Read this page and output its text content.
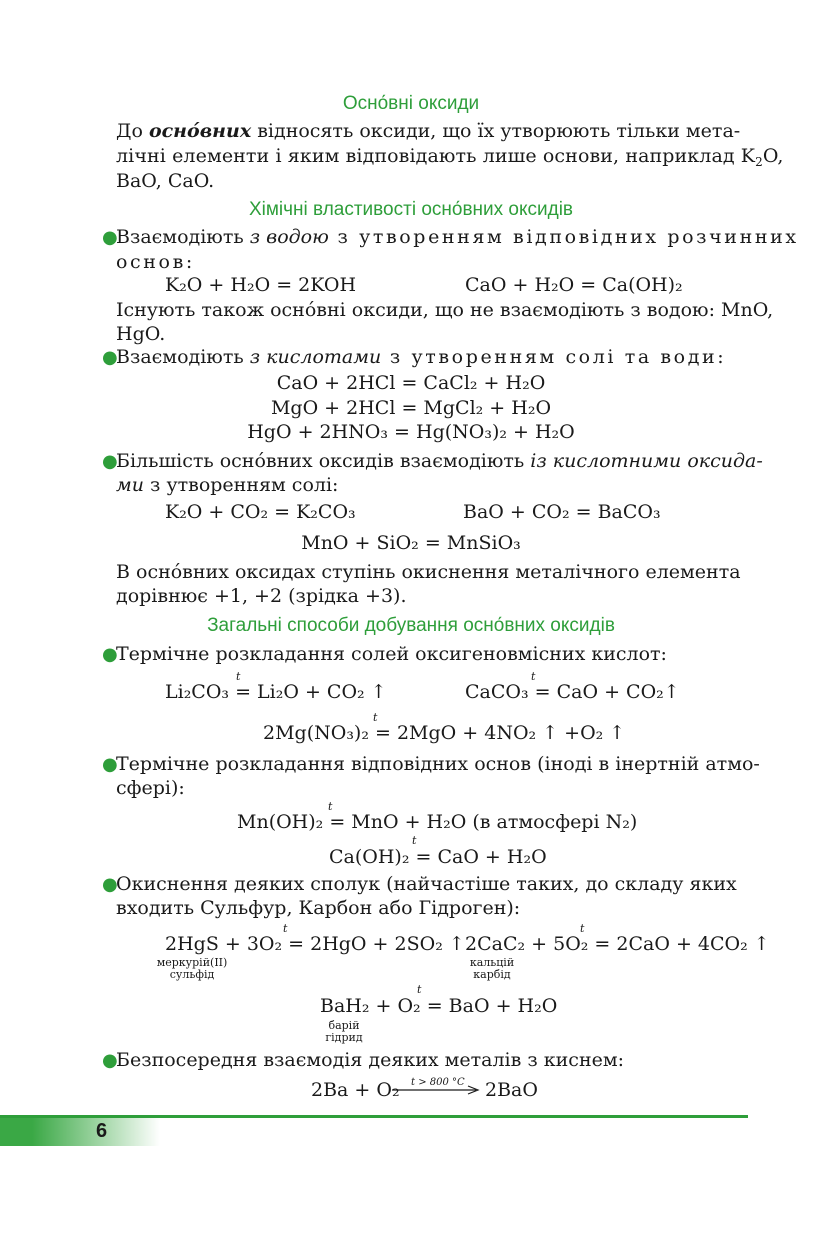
Осно́вні оксиди
До осно́вних відносять оксиди, що їх утворюють тільки мета-
лічні елементи і яким відповідають лише основи, наприклад $K_2O$,
BaO, CaO.
Хімічні властивості осно́вних оксидів
●
Взаємодіють з водою з утворенням відповідних розчинних
основ:
K₂O + H₂O = 2KOH	CaO + H₂O = Ca(OH)₂
Існують також осно́вні оксиди, що не взаємодіють з водою: MnO,
HgO.
●
Взаємодіють з кислотами з утворенням солі та води:
CaO + 2HCl = CaCl₂ + H₂O
MgO + 2HCl = MgCl₂ + H₂O
HgO + 2HNO₃ = Hg(NO₃)₂ + H₂O
●
Більшість осно́вних оксидів взаємодіють із кислотними оксида-
ми з утворенням солі:
K₂O + CO₂ = K₂CO₃	BaO + CO₂ = BaCO₃
MnO + SiO₂ = MnSiO₃
В осно́вних оксидах ступінь окиснення металічного елемента
дорівнює +1, +2 (зрідка +3).
Загальні способи добування осно́вних оксидів
●
Термічне розкладання солей оксигеновмісних кислот:
t
Li₂CO₃ = Li₂O + CO₂ ↑
t
CaCO₃ = CaO + CO₂↑
t
2Mg(NO₃)₂ = 2MgO + 4NO₂ ↑ +O₂ ↑
●
Термічне розкладання відповідних основ (іноді в інертній атмо-
сфері):
t
Mn(OH)₂ = MnO + H₂O (в атмосфері N₂)
t
Ca(OH)₂ = CaO + H₂O
●
Окиснення деяких сполук (найчастіше таких, до складу яких
входить Сульфур, Карбон або Гідроген):
t
2HgS + 3O₂ = 2HgO + 2SO₂ ↑
меркурій(II)
сульфід
t
2CaC₂ + 5O₂ = 2CaO + 4CO₂ ↑
кальцій
карбід
t
BaH₂ + O₂ = BaO + H₂O
барій
гідрид
●
Безпосередня взаємодія деяких металів з киснем:
2Ba + O₂ t > 800 °C 2BaO
6
